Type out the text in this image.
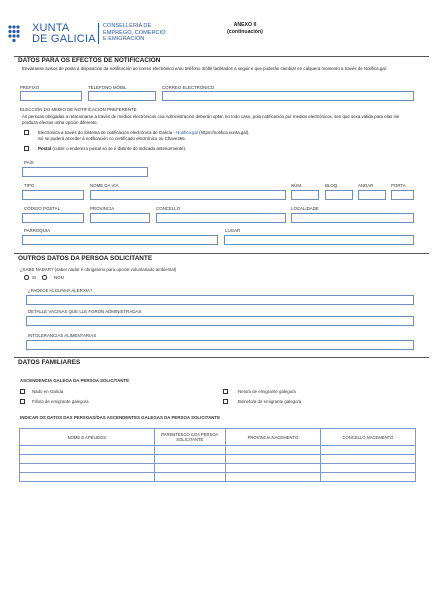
XUNTA
DE GALICIA
CONSELLERÍA DE
EMPREGO, COMERCIO
E EMIGRACIÓN
ANEXO II
(continuación)
DATOS PARA OS EFECTOS DE NOTIFICACIÓN
Enviaranse avisos de posta á disposición da notificación ao correo electrónico e/ou teléfono móbil facilitados a seguir e que poderán cambiar en calquera momento a través de Notifica.gal:
PREFIXO	TELÉFONO MÓBIL	CORREO ELECTRÓNICO
ELECCIÓN DO MEDIO DE NOTIFICACIÓN PREFERENTE
As persoas obrigadas a relacionarse a través de medios electrónicos coa Administración deberán optar, en todo caso, pola notificación por medios electrónicos, sen que sexa válida para elas nin produza efectos unha opción diferente.
Electrónica a través do Sistema de notificación electrónica de Galicia - Notifica.gal (https://notifica.xunta.gal).
Só se poderá acceder á notificación co certificado electrónico ou Chave365.
Postal (cubrir o enderezo postal só se é distinto do indicado anteriormente).
PAÍS
TIPO	NOME DA VÍA	NÚM.	BLOQ.	ANDAR	PORTA
CÓDIGO POSTAL	PROVINCIA	CONCELLO	LOCALIDADE
PARROQUIA	LUGAR
OUTROS DATOS DA PERSOA SOLICITANTE
¿SABE NADAR? (saber nadar é obrigatorio para opción voluntariado ambiental)
SI	NON
¿PADECE ALGUNHA ALERXIA?
DETALLE VACINAS QUE LLE FORON ADMINISTRADAS
INTOLERANCIAS ALIMENTARIAS
DATOS FAMILIARES
ASCENDENCIA GALEGA DA PERSOA SOLICITANTE
Nado en Galicia
Fillo/a de emigrante galego/a
Neto/a de emigrante galego/a
Bisneto/a de emigrante galego/a
INDICAR OS DATOS DAS PERSOAS/DAS ASCENDENTES GALEGAS DA PERSOA SOLICITANTE
NOME E APELIDOS	PARENTESCO COA PERSOA SOLICITANTE	PROVINCIA NACEMENTO	CONCELLO NACEMENTO
